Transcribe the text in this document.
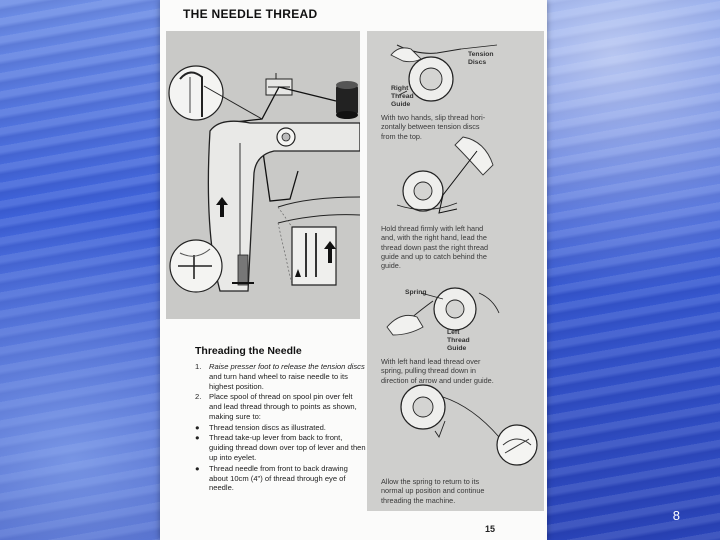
8
THE NEEDLE THREAD
Tension
Discs
Right
Thread
Guide
Spring
Left
Thread
Guide
With two hands, slip thread hori-
zontally between tension discs
from the top.
Hold thread firmly with left hand
and, with the right hand, lead the
thread down past the right thread
guide and up to catch behind the
guide.
With left hand lead thread over
spring, pulling thread down in
direction of arrow and under guide.
Allow the spring to return to its
normal up position and continue
threading the machine.
Threading the Needle
1.	Raise presser foot to release the tension discs and turn hand wheel to raise needle to its highest position.
2.	Place spool of thread on spool pin over felt and lead thread through to points as shown, making sure to:
●	Thread tension discs as illustrated.
●	Thread take-up lever from back to front, guiding thread down over top of lever and then up into eyelet.
●	Thread needle from front to back drawing about 10cm (4") of thread through eye of needle.
15
